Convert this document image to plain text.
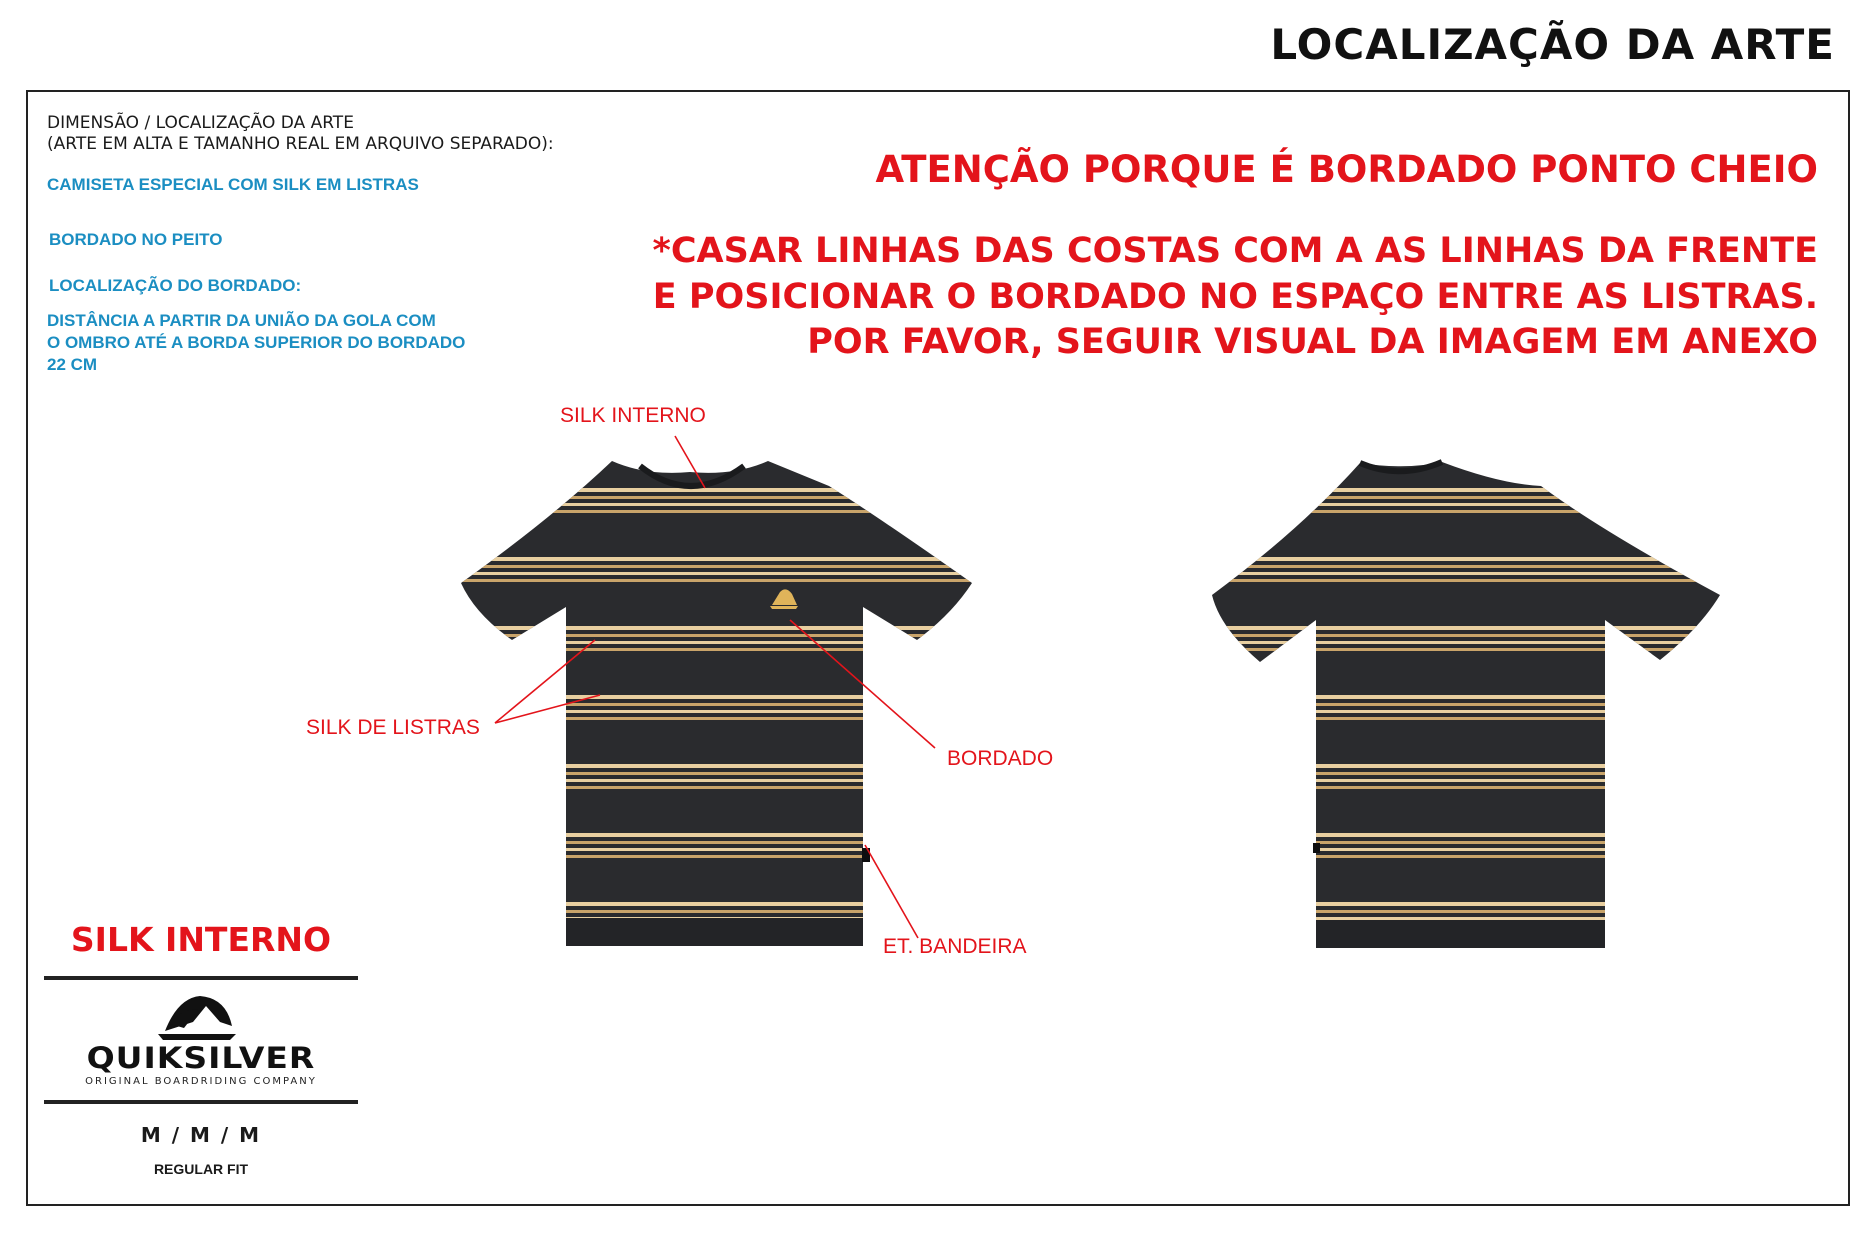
LOCALIZAÇÃO DA ARTE
DIMENSÃO / LOCALIZAÇÃO DA ARTE
(ARTE EM ALTA E TAMANHO REAL EM ARQUIVO SEPARADO):
CAMISETA ESPECIAL COM SILK EM LISTRAS
BORDADO NO PEITO
LOCALIZAÇÃO DO BORDADO:
DISTÂNCIA A PARTIR DA UNIÃO DA GOLA COM
O OMBRO ATÉ A BORDA SUPERIOR DO BORDADO
22 CM
ATENÇÃO PORQUE É BORDADO PONTO CHEIO
*CASAR LINHAS DAS COSTAS COM A AS LINHAS DA FRENTE
E POSICIONAR O BORDADO NO ESPAÇO ENTRE AS LISTRAS.
POR FAVOR, SEGUIR VISUAL DA IMAGEM EM ANEXO
SILK INTERNO
SILK DE LISTRAS
BORDADO
ET. BANDEIRA
SILK INTERNO
QUIKSILVER
ORIGINAL BOARDRIDING COMPANY
M / M / M
REGULAR FIT
